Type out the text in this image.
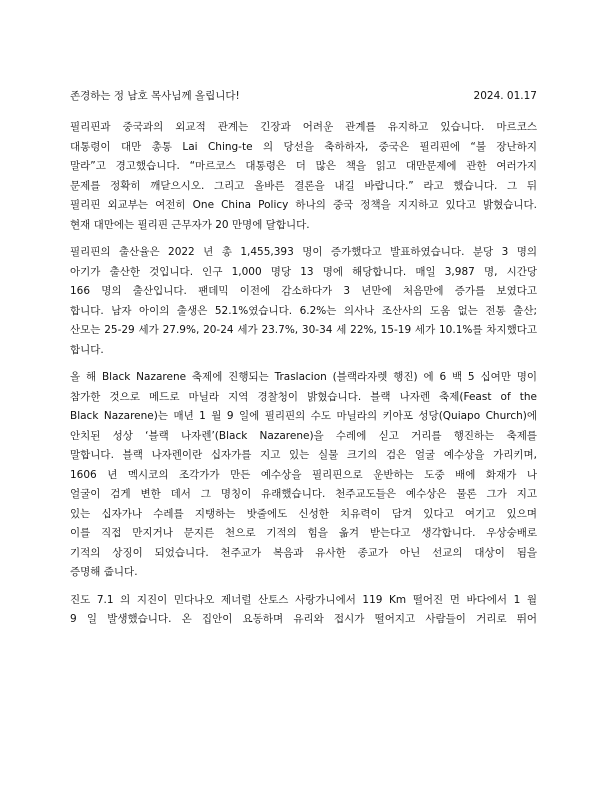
존경하는 정 남호 목사님께 올립니다!	2024. 01.17
필리핀과 중국과의 외교적 관계는 긴장과 어려운 관계를 유지하고 있습니다. 마르코스
대통령이 대만 총통 Lai Ching-te 의 당선을 축하하자, 중국은 필리핀에 “불 장난하지
말라”고 경고했습니다. “마르코스 대통령은 더 많은 책을 읽고 대만문제에 관한 여러가지
문제를 정확히 깨닫으시오. 그리고 올바른 결론을 내길 바랍니다.” 라고 했습니다. 그 뒤
필리핀 외교부는 여전히 One China Policy 하나의 중국 정책을 지지하고 있다고 밝혔습니다.
현재 대만에는 필리핀 근무자가 20 만명에 달합니다.
필리핀의 출산율은 2022 년 총 1,455,393 명이 증가했다고 발표하였습니다. 분당 3 명의
아기가 출산한 것입니다. 인구 1,000 명당 13 명에 해당합니다. 매일 3,987 명, 시간당
166 명의 출산입니다. 팬데믹 이전에 감소하다가 3 년만에 처음만에 증가를 보였다고
합니다. 남자 아이의 출생은 52.1%였습니다. 6.2%는 의사나 조산사의 도움 없는 전통 출산;
산모는 25-29 세가 27.9%, 20-24 세가 23.7%, 30-34 세 22%, 15-19 세가 10.1%를 차지했다고
합니다.
올 해 Black Nazarene 축제에 진행되는 Traslacion (블랙라자렛 행진) 에 6 백 5 십여만 명이
참가한 것으로 메드로 마닐라 지역 경찰청이 밝혔습니다. 블랙 나자렌 축제(Feast of the
Black Nazarene)는 매년 1 월 9 일에 필리핀의 수도 마닐라의 키아포 성당(Quiapo Church)에
안치된 성상 ‘블랙 나자렌’(Black Nazarene)을 수레에 싣고 거리를 행진하는 축제를
말합니다. 블랙 나자렌이란 십자가를 지고 있는 실물 크기의 검은 얼굴 예수상을 가리키며,
1606 년 멕시코의 조각가가 만든 예수상을 필리핀으로 운반하는 도중 배에 화재가 나
얼굴이 검게 변한 데서 그 명칭이 유래했습니다. 천주교도들은 예수상은 물론 그가 지고
있는 십자가나 수레를 지탱하는 밧줄에도 신성한 치유력이 담겨 있다고 여기고 있으며
이를 직접 만지거나 문지른 천으로 기적의 힘을 옮겨 받는다고 생각합니다. 우상숭배로
기적의 상징이 되었습니다. 천주교가 복음과 유사한 종교가 아닌 선교의 대상이 됨을
증명해 줍니다.
진도 7.1 의 지진이 민다나오 제너럴 산토스 사랑가니에서 119 Km 떨어진 먼 바다에서 1 월
9 일 발생했습니다. 온 집안이 요동하며 유리와 접시가 떨어지고 사람들이 거리로 뛰어
